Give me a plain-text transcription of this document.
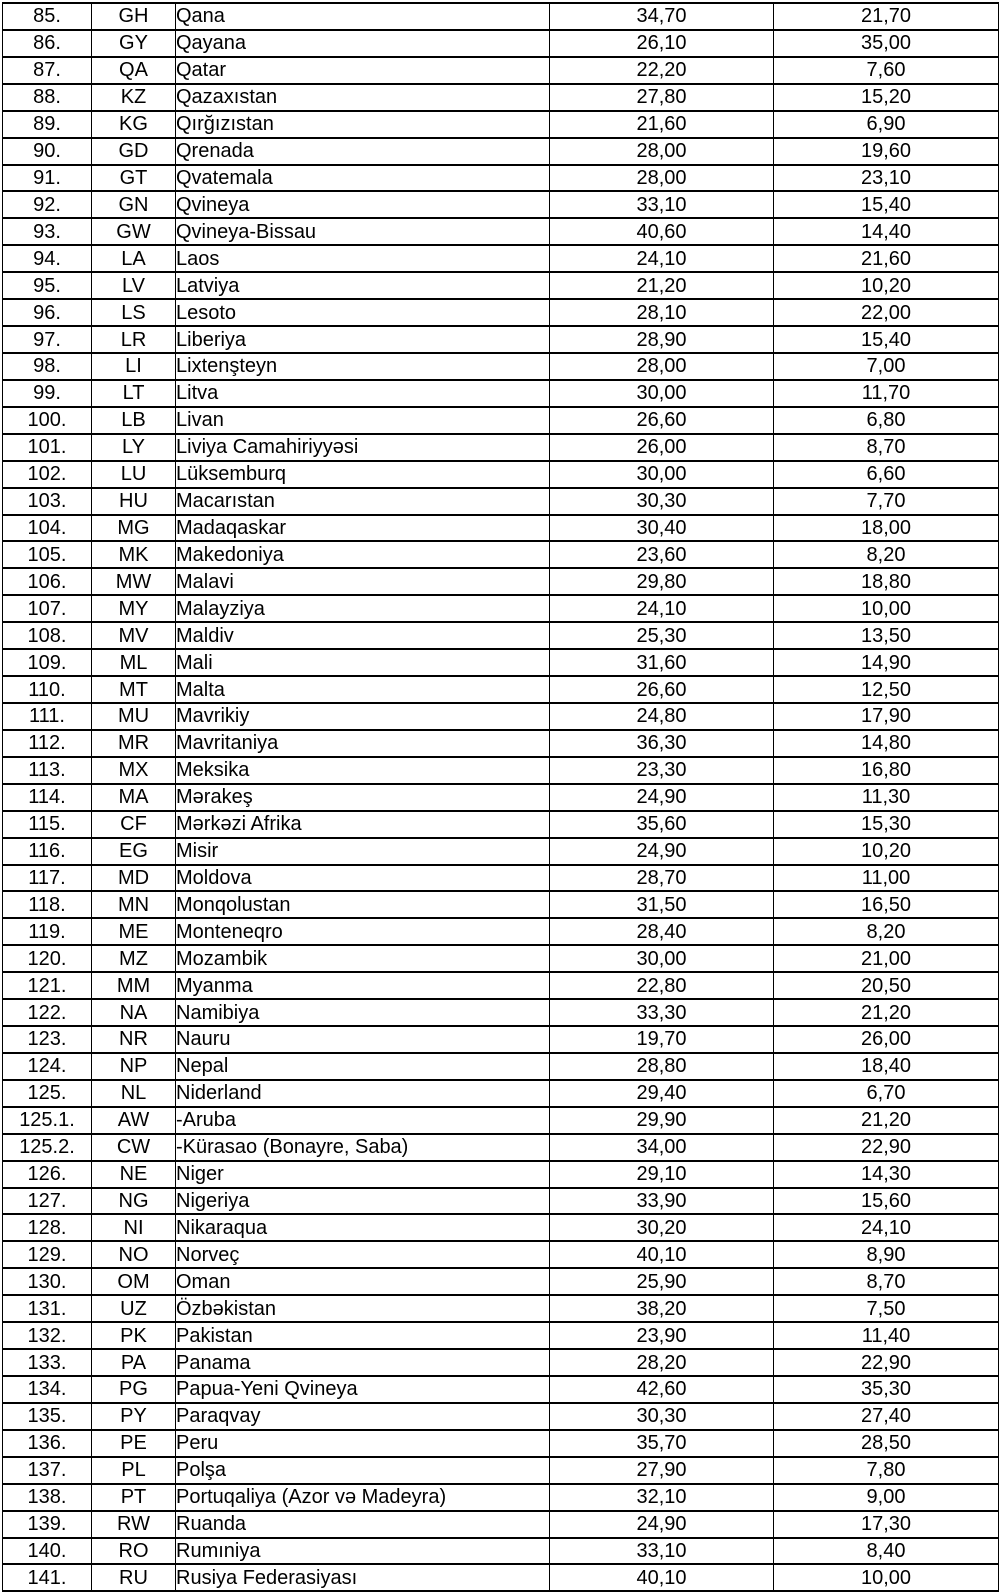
85.	GH	Qana	34,70	21,70
86.	GY	Qayana	26,10	35,00
87.	QA	Qatar	22,20	7,60
88.	KZ	Qazaxıstan	27,80	15,20
89.	KG	Qırğızıstan	21,60	6,90
90.	GD	Qrenada	28,00	19,60
91.	GT	Qvatemala	28,00	23,10
92.	GN	Qvineya	33,10	15,40
93.	GW	Qvineya-Bissau	40,60	14,40
94.	LA	Laos	24,10	21,60
95.	LV	Latviya	21,20	10,20
96.	LS	Lesoto	28,10	22,00
97.	LR	Liberiya	28,90	15,40
98.	LI	Lixtenşteyn	28,00	7,00
99.	LT	Litva	30,00	11,70
100.	LB	Livan	26,60	6,80
101.	LY	Liviya Camahiriyyəsi	26,00	8,70
102.	LU	Lüksemburq	30,00	6,60
103.	HU	Macarıstan	30,30	7,70
104.	MG	Madaqaskar	30,40	18,00
105.	MK	Makedoniya	23,60	8,20
106.	MW	Malavi	29,80	18,80
107.	MY	Malayziya	24,10	10,00
108.	MV	Maldiv	25,30	13,50
109.	ML	Mali	31,60	14,90
110.	MT	Malta	26,60	12,50
111.	MU	Mavrikiy	24,80	17,90
112.	MR	Mavritaniya	36,30	14,80
113.	MX	Meksika	23,30	16,80
114.	MA	Mərakeş	24,90	11,30
115.	CF	Mərkəzi Afrika	35,60	15,30
116.	EG	Misir	24,90	10,20
117.	MD	Moldova	28,70	11,00
118.	MN	Monqolustan	31,50	16,50
119.	ME	Monteneqro	28,40	8,20
120.	MZ	Mozambik	30,00	21,00
121.	MM	Myanma	22,80	20,50
122.	NA	Namibiya	33,30	21,20
123.	NR	Nauru	19,70	26,00
124.	NP	Nepal	28,80	18,40
125.	NL	Niderland	29,40	6,70
125.1.	AW	-Aruba	29,90	21,20
125.2.	CW	-Kürasao (Bonayre, Saba)	34,00	22,90
126.	NE	Niger	29,10	14,30
127.	NG	Nigeriya	33,90	15,60
128.	NI	Nikaraqua	30,20	24,10
129.	NO	Norveç	40,10	8,90
130.	OM	Oman	25,90	8,70
131.	UZ	Özbəkistan	38,20	7,50
132.	PK	Pakistan	23,90	11,40
133.	PA	Panama	28,20	22,90
134.	PG	Papua-Yeni Qvineya	42,60	35,30
135.	PY	Paraqvay	30,30	27,40
136.	PE	Peru	35,70	28,50
137.	PL	Polşa	27,90	7,80
138.	PT	Portuqaliya (Azor və Madeyra)	32,10	9,00
139.	RW	Ruanda	24,90	17,30
140.	RO	Rumıniya	33,10	8,40
141.	RU	Rusiya Federasiyası	40,10	10,00
